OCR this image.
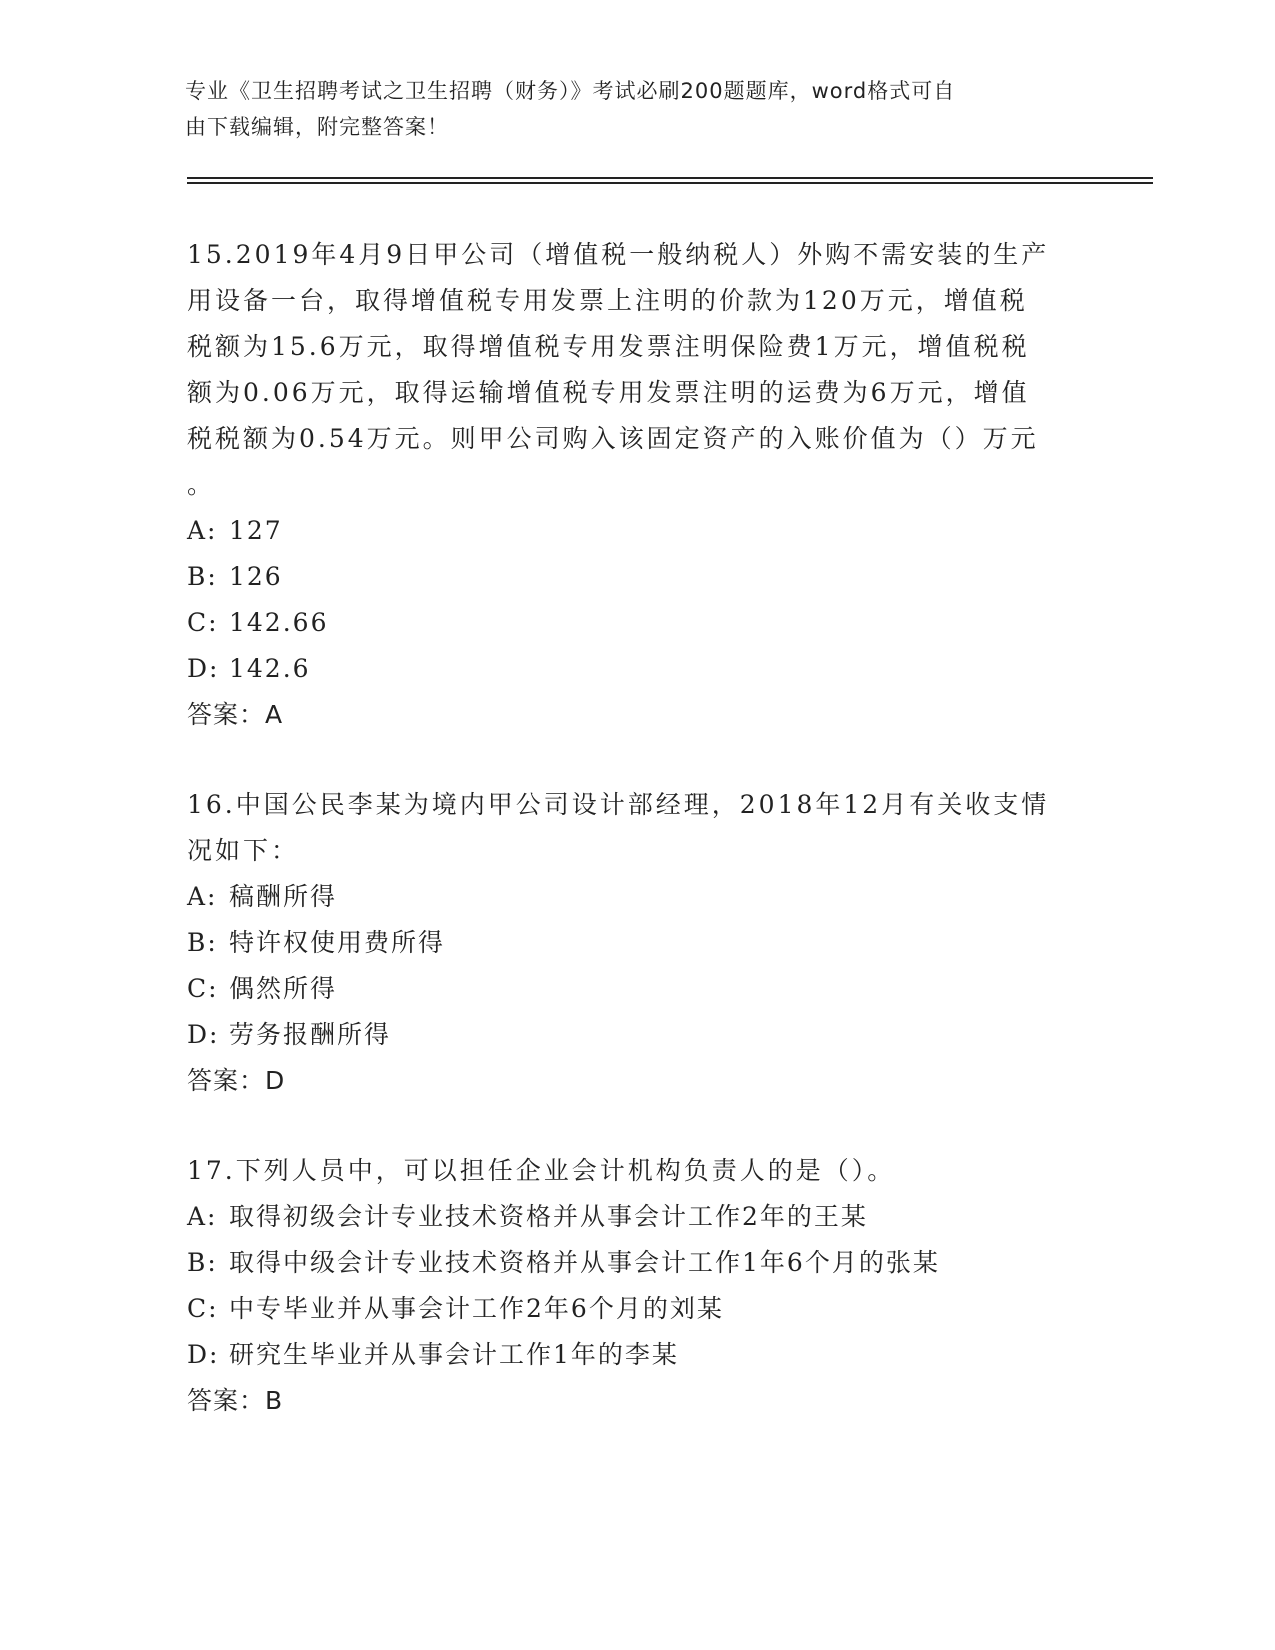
专业《卫生招聘考试之卫生招聘（财务）》考试必刷200题题库，word格式可自
由下载编辑，附完整答案！
15.2019年4月9日甲公司（增值税一般纳税人）外购不需安装的生产
用设备一台，取得增值税专用发票上注明的价款为120万元，增值税
税额为15.6万元，取得增值税专用发票注明保险费1万元，增值税税
额为0.06万元，取得运输增值税专用发票注明的运费为6万元，增值
税税额为0.54万元。则甲公司购入该固定资产的入账价值为（）万元
。
A: 127
B: 126
C: 142.66
D: 142.6
答案：A
16.中国公民李某为境内甲公司设计部经理，2018年12月有关收支情
况如下：
A: 稿酬所得
B: 特许权使用费所得
C: 偶然所得
D: 劳务报酬所得
答案：D
17.下列人员中，可以担任企业会计机构负责人的是（）。
A: 取得初级会计专业技术资格并从事会计工作2年的王某
B: 取得中级会计专业技术资格并从事会计工作1年6个月的张某
C: 中专毕业并从事会计工作2年6个月的刘某
D: 研究生毕业并从事会计工作1年的李某
答案：B
